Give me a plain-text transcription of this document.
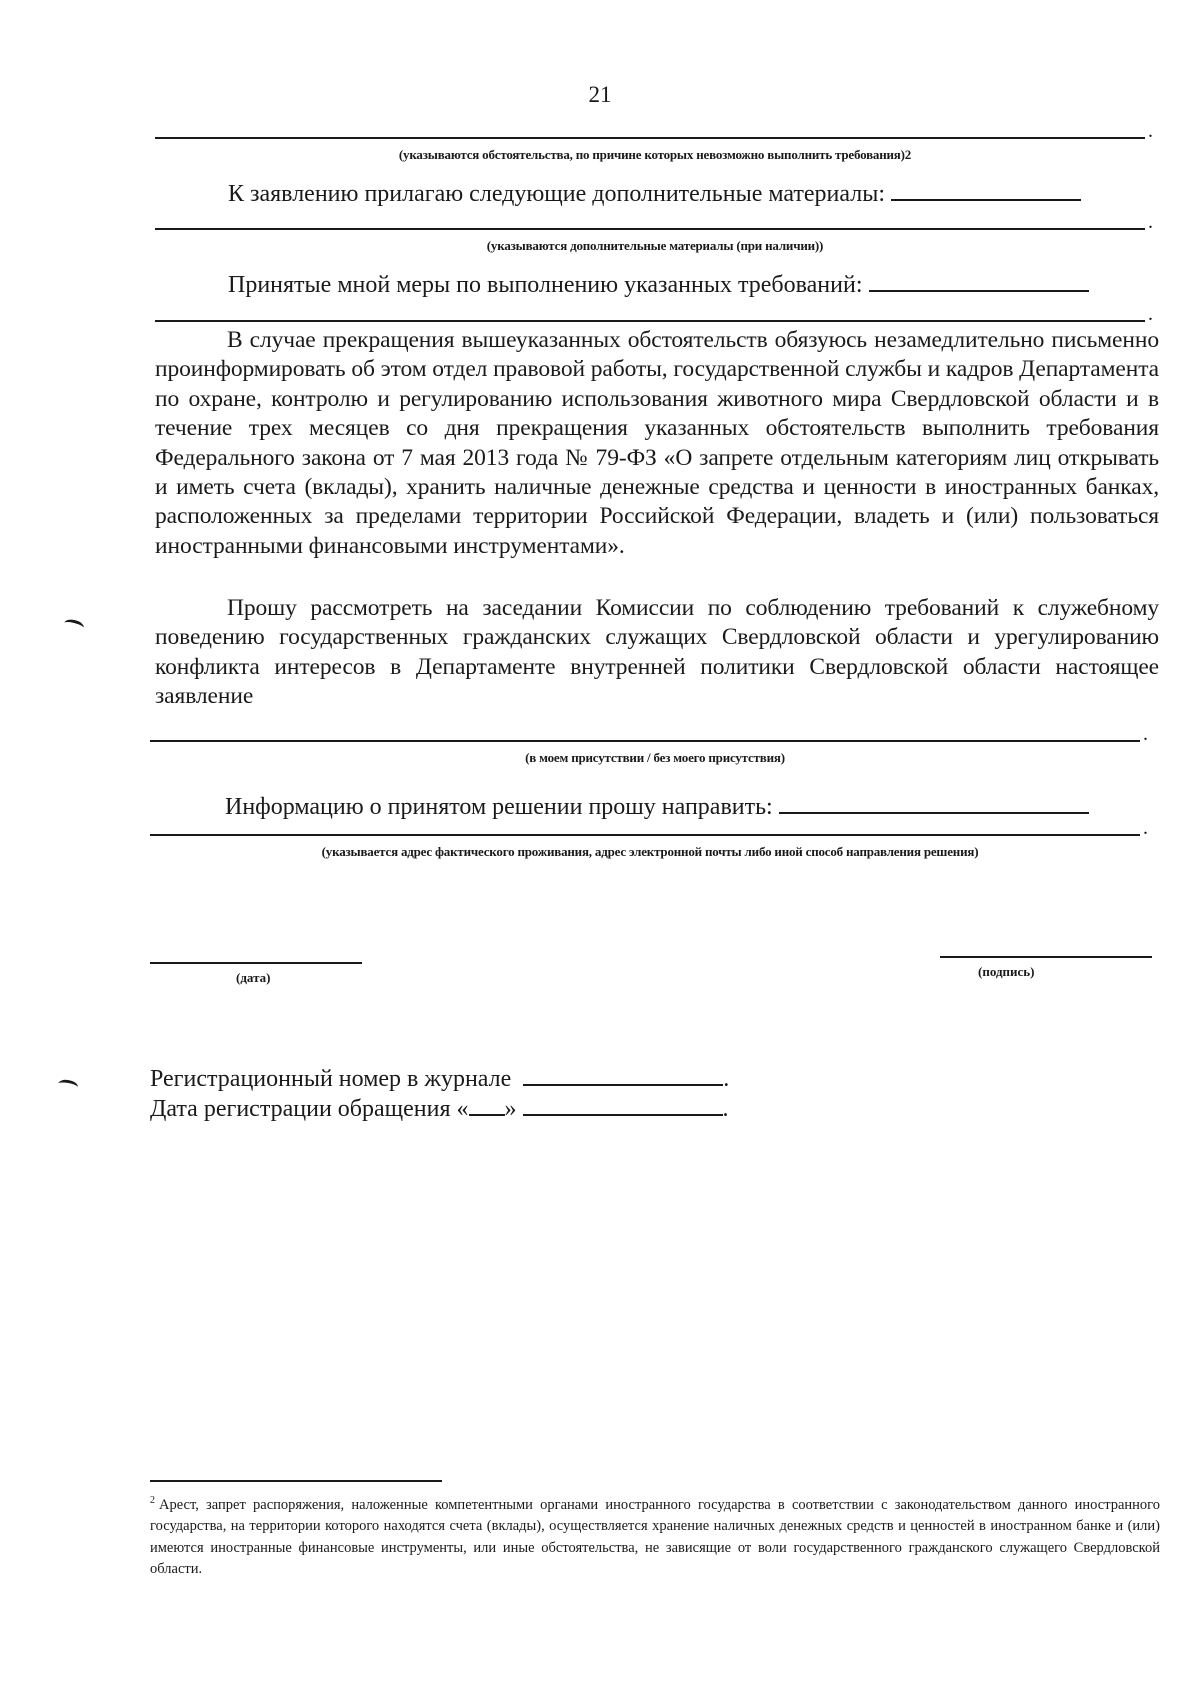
21
.
(указываются обстоятельства, по причине которых невозможно выполнить требования)2
К заявлению прилагаю следующие дополнительные материалы:
.
(указываются дополнительные материалы (при наличии))
Принятые мной меры по выполнению указанных требований:
.

В случае прекращения вышеуказанных обстоятельств обязуюсь незамедлительно письменно проинформировать об этом отдел правовой работы, государственной службы и кадров Департамента по охране, контролю и регулированию использования животного мира Свердловской области и в течение трех месяцев со дня прекращения указанных обстоятельств выполнить требования Федерального закона от 7 мая 2013 года № 79-ФЗ «О запрете отдельным категориям лиц открывать и иметь счета (вклады), хранить наличные денежные средства и ценности в иностранных банках, расположенных за пределами территории Российской Федерации, владеть и (или) пользоваться иностранными финансовыми инструментами».

Прошу рассмотреть на заседании Комиссии по соблюдению требований к служебному поведению государственных гражданских служащих Свердловской области и урегулированию конфликта интересов в Департаменте внутренней политики Свердловской области настоящее заявление

.
(в моем присутствии / без моего присутствия)
Информацию о принятом решении прошу направить:
.
(указывается адрес фактического проживания, адрес электронной почты либо иной способ направления решения)
(дата)	(подпись)
Регистрационный номер в журнале	.
Дата регистрации обращения « »	.

$^2$ Арест, запрет распоряжения, наложенные компетентными органами иностранного государства в соответствии с законодательством данного иностранного государства, на территории которого находятся счета (вклады), осуществляется хранение наличных денежных средств и ценностей в иностранном банке и (или) имеются иностранные финансовые инструменты, или иные обстоятельства, не зависящие от воли государственного гражданского служащего Свердловской области.
